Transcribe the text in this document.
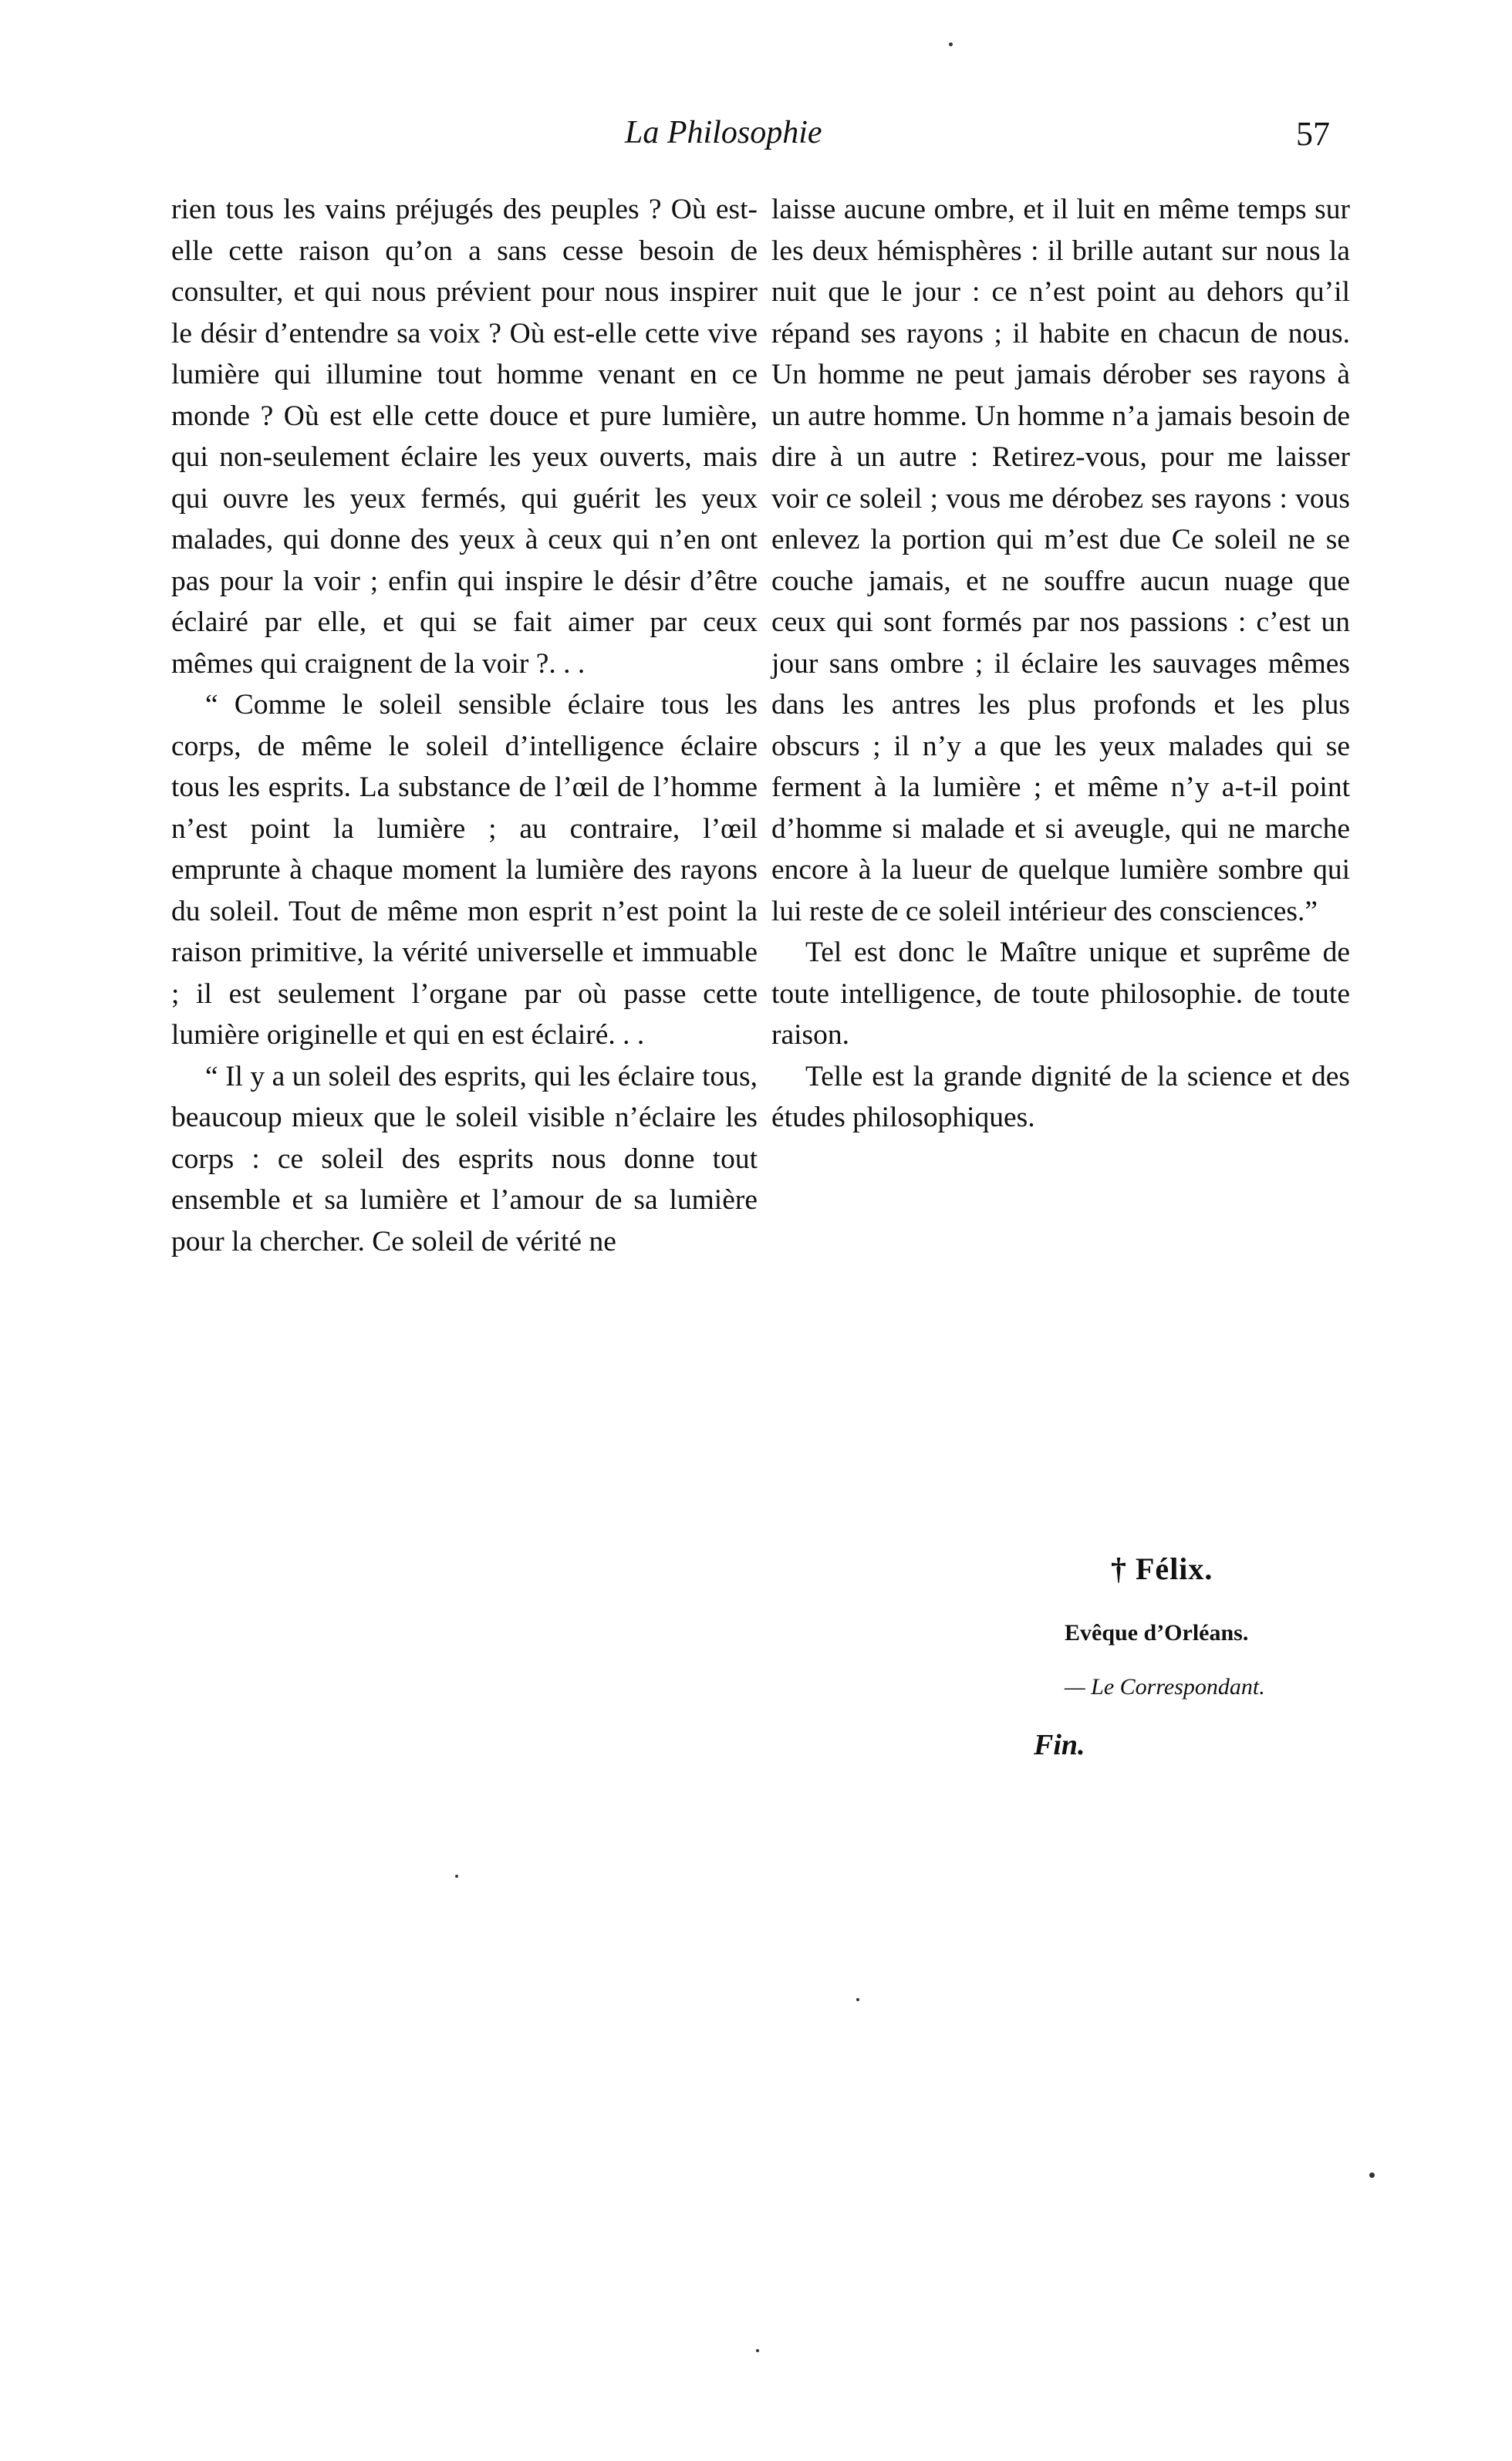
La Philosophie	57

rien tous les vains préjugés des peuples ? Où est-elle cette raison qu’on a sans cesse besoin de consulter, et qui nous prévient pour nous inspirer le désir d’entendre sa voix ? Où est-elle cette vive lumière qui illumine tout homme venant en ce monde ? Où est elle cette douce et pure lumière, qui non-seulement éclaire les yeux ouverts, mais qui ouvre les yeux fermés, qui guérit les yeux malades, qui donne des yeux à ceux qui n’en ont pas pour la voir ; enfin qui inspire le désir d’être éclairé par elle, et qui se fait aimer par ceux mêmes qui craignent de la voir ?. . .

“ Comme le soleil sensible éclaire tous les corps, de même le soleil d’intelligence éclaire tous les esprits. La substance de l’œil de l’homme n’est point la lumière ; au contraire, l’œil emprunte à chaque moment la lumière des rayons du soleil. Tout de même mon esprit n’est point la raison primitive, la vérité universelle et immuable ; il est seulement l’organe par où passe cette lumière originelle et qui en est éclairé. . .

“ Il y a un soleil des esprits, qui les éclaire tous, beaucoup mieux que le soleil visible n’éclaire les corps : ce soleil des esprits nous donne tout ensemble et sa lumière et l’amour de sa lumière pour la chercher. Ce soleil de vérité ne

laisse aucune ombre, et il luit en même temps sur les deux hémisphères : il brille autant sur nous la nuit que le jour : ce n’est point au dehors qu’il répand ses rayons ; il habite en chacun de nous. Un homme ne peut jamais dérober ses rayons à un autre homme. Un homme n’a jamais besoin de dire à un autre : Retirez-vous, pour me laisser voir ce soleil ; vous me dérobez ses rayons : vous enlevez la portion qui m’est due Ce soleil ne se couche jamais, et ne souffre aucun nuage que ceux qui sont formés par nos passions : c’est un jour sans ombre ; il éclaire les sauvages mêmes dans les antres les plus profonds et les plus obscurs ; il n’y a que les yeux malades qui se ferment à la lumière ; et même n’y a-t-il point d’homme si malade et si aveugle, qui ne marche encore à la lueur de quelque lumière sombre qui lui reste de ce soleil intérieur des consciences.”

Tel est donc le Maître unique et suprême de toute intelligence, de toute philosophie. de toute raison.

Telle est la grande dignité de la science et des études philosophiques.

† Félix.
Evêque d’Orléans.
— Le Correspondant.
Fin.
